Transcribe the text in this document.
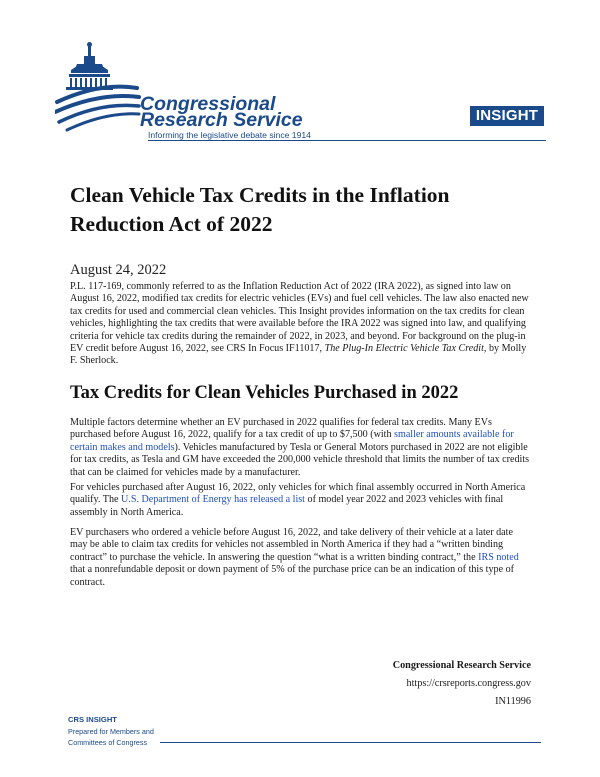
Congressional
Research Service
Informing the legislative debate since 1914
INSIGHT
Clean Vehicle Tax Credits in the Inflation Reduction Act of 2022
August 24, 2022

P.L. 117-169, commonly referred to as the Inflation Reduction Act of 2022 (IRA 2022), as signed into law on August 16, 2022, modified tax credits for electric vehicles (EVs) and fuel cell vehicles. The law also enacted new tax credits for used and commercial clean vehicles. This Insight provides information on the tax credits for clean vehicles, highlighting the tax credits that were available before the IRA 2022 was signed into law, and qualifying criteria for vehicle tax credits during the remainder of 2022, in 2023, and beyond. For background on the plug-in EV credit before August 16, 2022, see CRS In Focus IF11017, The Plug-In Electric Vehicle Tax Credit, by Molly F. Sherlock.

Tax Credits for Clean Vehicles Purchased in 2022

Multiple factors determine whether an EV purchased in 2022 qualifies for federal tax credits. Many EVs purchased before August 16, 2022, qualify for a tax credit of up to $7,500 (with smaller amounts available for certain makes and models). Vehicles manufactured by Tesla or General Motors purchased in 2022 are not eligible for tax credits, as Tesla and GM have exceeded the 200,000 vehicle threshold that limits the number of tax credits that can be claimed for vehicles made by a manufacturer.

For vehicles purchased after August 16, 2022, only vehicles for which final assembly occurred in North America qualify. The U.S. Department of Energy has released a list of model year 2022 and 2023 vehicles with final assembly in North America.

EV purchasers who ordered a vehicle before August 16, 2022, and take delivery of their vehicle at a later date may be able to claim tax credits for vehicles not assembled in North America if they had a “written binding contract” to purchase the vehicle. In answering the question “what is a written binding contract,” the IRS noted that a nonrefundable deposit or down payment of 5% of the purchase price can be an indication of this type of contract.

Congressional Research Service
https://crsreports.congress.gov
IN11996
CRS INSIGHT
Prepared for Members and
Committees of Congress
